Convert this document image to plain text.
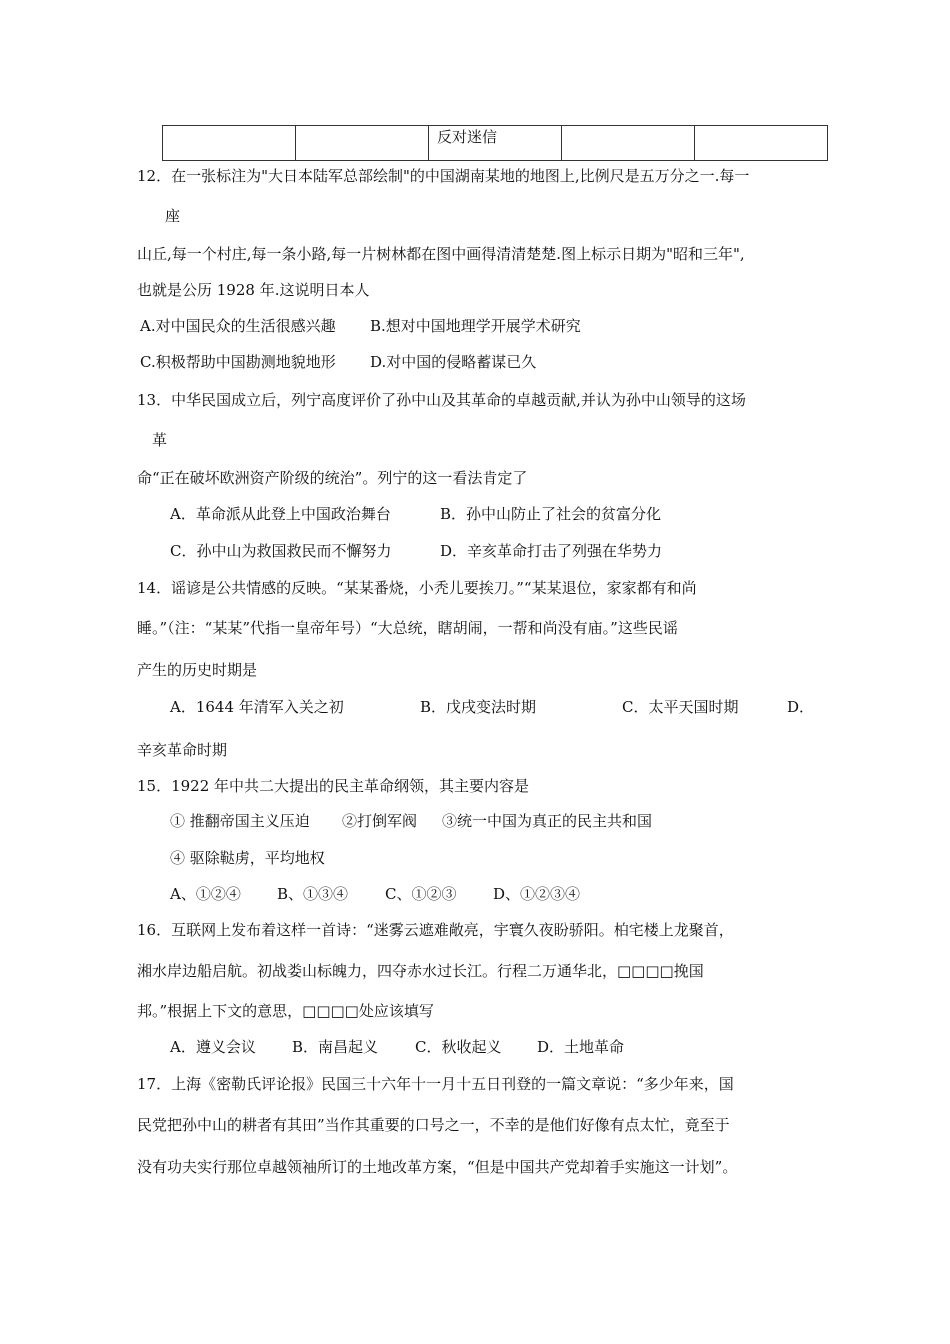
		反对迷信		
12．在一张标注为"大日本陆军总部绘制"的中国湖南某地的地图上,比例尺是五万分之一.每一
座
山丘,每一个村庄,每一条小路,每一片树林都在图中画得清清楚楚.图上标示日期为"昭和三年",
也就是公历 1928 年.这说明日本人
A.对中国民众的生活很感兴趣 B.想对中国地理学开展学术研究
C.积极帮助中国勘测地貌地形 D.对中国的侵略蓄谋已久
13．中华民国成立后，列宁高度评价了孙中山及其革命的卓越贡献,并认为孙中山领导的这场
革
命“正在破坏欧洲资产阶级的统治”。列宁的这一看法肯定了
A．革命派从此登上中国政治舞台	B．孙中山防止了社会的贫富分化
C．孙中山为救国救民而不懈努力	D．辛亥革命打击了列强在华势力
14．谣谚是公共情感的反映。“某某番烧，小秃儿要挨刀。”“某某退位，家家都有和尚
睡。”（注：“某某”代指一皇帝年号）“大总统，瞎胡闹，一帮和尚没有庙。”这些民谣
产生的历史时期是
A．1644 年清军入关之初	B．戊戌变法时期	C．太平天国时期	D．
辛亥革命时期
15．1922 年中共二大提出的民主革命纲领，其主要内容是
① 推翻帝国主义压迫 ②打倒军阀 ③统一中国为真正的民主共和国
④ 驱除鞑虏，平均地权
A、①②④ B、①③④ C、①②③ D、①②③④
16．互联网上发布着这样一首诗：“迷雾云遮难敞亮，宇寰久夜盼骄阳。柏宅楼上龙聚首，
湘水岸边船启航。初战娄山标魄力，四夺赤水过长江。行程二万通华北，□□□□挽国
邦。”根据上下文的意思，□□□□处应该填写
A．遵义会议 B．南昌起义 C．秋收起义 D．土地革命
17．上海《密勒氏评论报》民国三十六年十一月十五日刊登的一篇文章说：“多少年来，国
民党把孙中山的耕者有其田”当作其重要的口号之一，不幸的是他们好像有点太忙，竟至于
没有功夫实行那位卓越领袖所订的土地改革方案，“但是中国共产党却着手实施这一计划”。
